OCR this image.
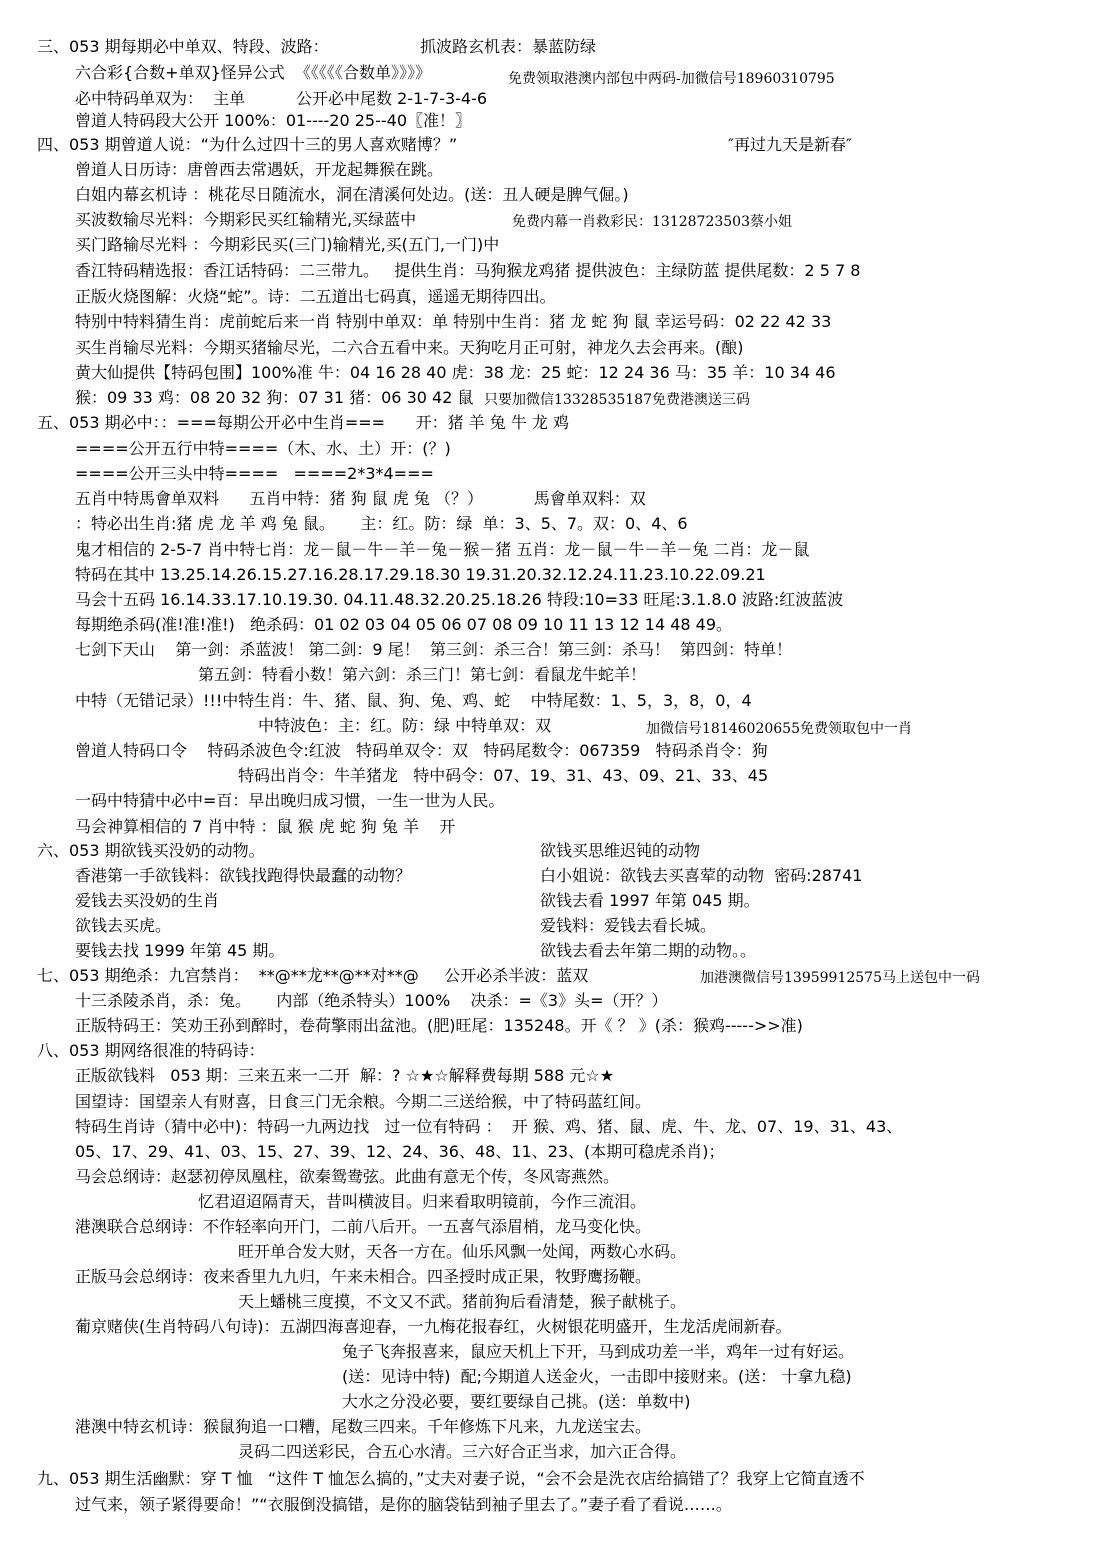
三、053 期每期必中单双、特段、波路：	抓波路玄机表：暴蓝防绿
六合彩{合数+单双}怪异公式  《《《《《合数单》》》》	免费领取港澳内部包中两码-加微信号18960310795
必中特码单双为：  主单          公开必中尾数 2-1-7-3-4-6
曾道人特码段大公开 100%：01----20 25--40〖准！〗
四、053 期曾道人说：“为什么过四十三的男人喜欢赌博？”	″再过九天是新春″
曾道人日历诗：唐曾西去常遇妖，开龙起舞猴在跳。
白姐内幕玄机诗 ：桃花尽日随流水，洞在清溪何处边。(送：丑人硬是脾气倔。)
买波数输尽光料：今期彩民买红输精光,买绿蓝中	免费内幕一肖救彩民：13128723503蔡小姐
买门路输尽光料 ：今期彩民买(三门)输精光,买(五门,一门)中
香江特码精选报：香江话特码：二三带九。   提供生肖：马狗猴龙鸡猪 提供波色：主绿防蓝 提供尾数：2 5 7 8
正版火烧图解：火烧“蛇”。诗：二五道出七码真，遥遥无期待四出。
特别中特料猜生肖：虎前蛇后来一肖 特别中单双：单 特别中生肖：猪 龙 蛇 狗 鼠 幸运号码：02 22 42 33
买生肖输尽光料：今期买猪输尽光，二六合五看中来。天狗吃月正可射，神龙久去会再来。(酿)
黄大仙提供【特码包围】100%准 牛：04 16 28 40 虎：38 龙：25 蛇：12 24 36 马：35 羊：10 34 46
猴：09 33 鸡：08 20 32 狗：07 31 猪：06 30 42 鼠 只要加微信13328535187免费港澳送三码
五、053 期必中：：===每期公开必中生肖===      开：猪 羊 兔 牛 龙 鸡
====公开五行中特====（木、水、土）开：(？)
====公开三头中特====   ====2*3*4===
五肖中特馬會单双料      五肖中特：猪 狗 鼠 虎 兔 （？）          馬會单双料：双
：特必出生肖:猪 虎 龙 羊 鸡 兔 鼠。     主：红。防：绿  单：3、5、7。双：0、4、6
鬼才相信的 2-5-7 肖中特七肖：龙－鼠－牛－羊－兔－猴－猪 五肖：龙－鼠－牛－羊－兔 二肖：龙－鼠
特码在其中 13.25.14.26.15.27.16.28.17.29.18.30 19.31.20.32.12.24.11.23.10.22.09.21
马会十五码 16.14.33.17.10.19.30. 04.11.48.32.20.25.18.26 特段:10=33 旺尾:3.1.8.0 波路:红波蓝波
每期绝杀码(准!准!准!)   绝杀码：01 02 03 04 05 06 07 08 09 10 11 13 12 14 48 49。
七剑下天山    第一剑：杀蓝波！ 第二剑：9 尾！  第三剑：杀三合！第三剑：杀马！  第四剑：特单！
第五剑：特看小数！第六剑：杀三门！第七剑：看鼠龙牛蛇羊！
中特（无错记录）!!!中特生肖：牛、猪、鼠、狗、兔、鸡、蛇    中特尾数：1、5，3，8，0，4
中特波色：主：红。防：绿 中特单双：双	加微信号18146020655免费领取包中一肖
曾道人特码口令    特码杀波色令:红波   特码单双令：双   特码尾数令：067359   特码杀肖令：狗
特码出肖令：牛羊猪龙   特中码令：07、19、31、43、09、21、33、45
一码中特猜中必中=百：早出晚归成习惯，一生一世为人民。
马会神算相信的 7 肖中特 ：鼠 猴 虎 蛇 狗 兔 羊    开
六、053 期欲钱买没奶的动物。	欲钱买思维迟钝的动物
香港第一手欲钱料：欲钱找跑得快最蠢的动物？	白小姐说：欲钱去买喜荤的动物  密码:28741
爱钱去买没奶的生肖	欲钱去看 1997 年第 045 期。
欲钱去买虎。	爱钱料：爱钱去看长城。
要钱去找 1999 年第 45 期。	欲钱去看去年第二期的动物。。
七、053 期绝杀：九宫禁肖：  **@**龙**@**对**@     公开必杀半波：蓝双	加港澳微信号13959912575马上送包中一码
十三杀陵杀肖，杀：兔。     内部（绝杀特头）100%    决杀：=《3》头=（开？）
正版特码王：笑劝王孙到醉时，卷荷擎雨出盆池。(肥)旺尾：135248。开《 ？ 》(杀：猴鸡----->>准)
八、053 期网络很准的特码诗：
正版欲钱料   053 期：三来五来一二开  解：? ☆★☆解释费每期 588 元☆★
国望诗：国望亲人有财喜，日食三门无余粮。今期二三送给猴，中了特码蓝红间。
特码生肖诗（猜中必中)：特码一九两边找   过一位有特码 ：  开 猴、鸡、猪、鼠、虎、牛、龙、07、19、31、43、
05、17、29、41、03、15、27、39、12、24、36、48、11、23、(本期可稳虎杀肖)；
马会总纲诗：赵瑟初停凤凰柱，欲秦鸳鸯弦。此曲有意无个传，冬风寄燕然。
忆君迢迢隔青天，昔叫横波目。归来看取明镜前，今作三流泪。
港澳联合总纲诗：不作轻率向开门，二前八后开。一五喜气添眉梢，龙马变化快。
旺开单合发大财，天各一方在。仙乐风飘一处闻，两数心水码。
正版马会总纲诗：夜来香里九九归，午来未相合。四圣授时成正果，牧野鹰扬鞭。
天上蟠桃三度摸，不文又不武。猪前狗后看清楚，猴子献桃子。
葡京赌侠(生肖特码八句诗)：五湖四海喜迎春，一九梅花报春红，火树银花明盛开，生龙活虎闹新春。
兔子飞奔报喜来，鼠应天机上下开，马到成功差一半，鸡年一过有好运。
(送：见诗中特)  配;今期道人送金火，一击即中接财来。(送： 十拿九稳)
大水之分没必要，要红要绿自己挑。(送：单数中)
港澳中特玄机诗：猴鼠狗追一口糟，尾数三四来。千年修炼下凡来，九龙送宝去。
灵码二四送彩民，合五心水清。三六好合正当求，加六正合得。
九、053 期生活幽默：穿 T 恤   “这件 T 恤怎么搞的，”丈夫对妻子说，“会不会是洗衣店给搞错了？我穿上它简直透不
过气来，领子紧得要命！”“衣服倒没搞错，是你的脑袋钻到袖子里去了。”妻子看了看说……。
